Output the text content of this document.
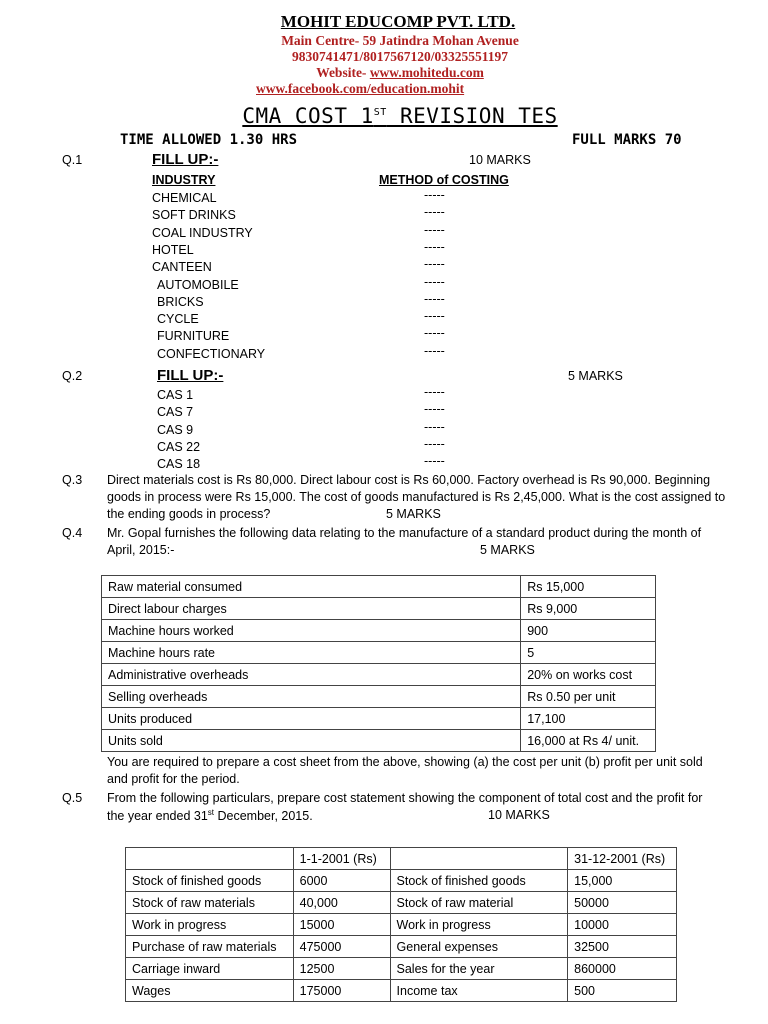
MOHIT EDUCOMP PVT. LTD.
Main Centre- 59 Jatindra Mohan Avenue
9830741471/8017567120/03325551197
Website- www.mohitedu.com
www.facebook.com/education.mohit
CMA COST 1ST REVISION TES
TIME ALLOWED 1.30 HRS	FULL MARKS 70
Q.1	FILL UP:-	10 MARKS
INDUSTRY	METHOD of COSTING
CHEMICAL	-----
SOFT DRINKS	-----
COAL INDUSTRY	-----
HOTEL	-----
CANTEEN	-----
AUTOMOBILE	-----
BRICKS	-----
CYCLE	-----
FURNITURE	-----
CONFECTIONARY	-----
Q.2	FILL UP:-	5 MARKS
CAS 1	-----
CAS 7	-----
CAS 9	-----
CAS 22	-----
CAS 18	-----
Q.3 Direct materials cost is Rs 80,000. Direct labour cost is Rs 60,000. Factory overhead is Rs 90,000. Beginning
goods in process were Rs 15,000. The cost of goods manufactured is Rs 2,45,000. What is the cost assigned to
the ending goods in process?	5 MARKS
Q.4 Mr. Gopal furnishes the following data relating to the manufacture of a standard product during the month of
April, 2015:-	5 MARKS
Raw material consumed	Rs 15,000
Direct labour charges	Rs 9,000
Machine hours worked	900
Machine hours rate	5
Administrative overheads	20% on works cost
Selling overheads	Rs 0.50 per unit
Units produced	17,100
Units sold	16,000 at Rs 4/ unit.
You are required to prepare a cost sheet from the above, showing (a) the cost per unit (b) profit per unit sold
and profit for the period.
Q.5 From the following particulars, prepare cost statement showing the component of total cost and the profit for
the year ended 31st December, 2015.	10 MARKS
	1-1-2001 (Rs)		31-12-2001 (Rs)
Stock of finished goods	6000	Stock of finished goods	15,000
Stock of raw materials	40,000	Stock of raw material	50000
Work in progress	15000	Work in progress	10000
Purchase of raw materials	475000	General expenses	32500
Carriage inward	12500	Sales for the year	860000
Wages	175000	Income tax	500
